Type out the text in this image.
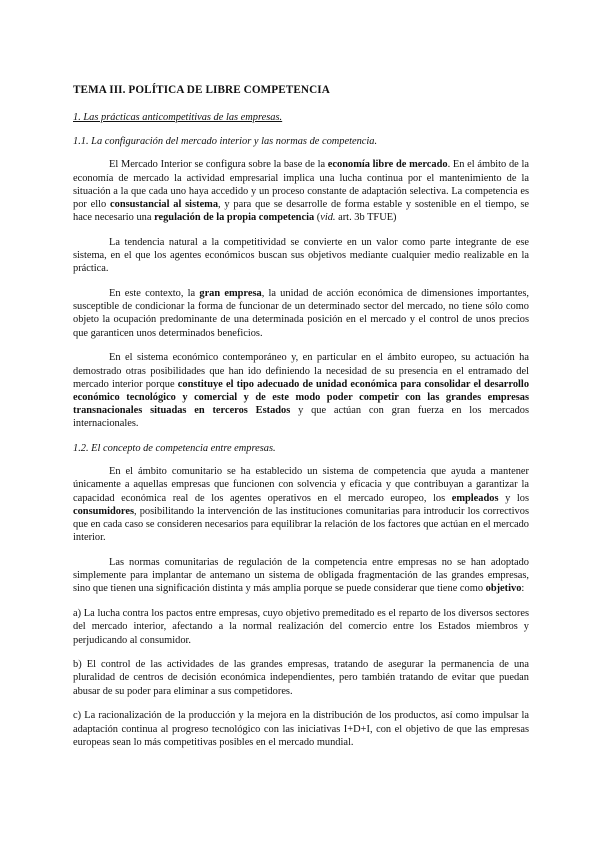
TEMA III. POLÍTICA DE LIBRE COMPETENCIA
1. Las prácticas anticompetitivas de las empresas.
1.1. La configuración del mercado interior y las normas de competencia.

El Mercado Interior se configura sobre la base de la economía libre de mercado. En el ámbito de la economía de mercado la actividad empresarial implica una lucha continua por el mantenimiento de la situación a la que cada uno haya accedido y un proceso constante de adaptación selectiva. La competencia es por ello consustancial al sistema, y para que se desarrolle de forma estable y sostenible en el tiempo, se hace necesario una regulación de la propia competencia (vid. art. 3b TFUE)

La tendencia natural a la competitividad se convierte en un valor como parte integrante de ese sistema, en el que los agentes económicos buscan sus objetivos mediante cualquier medio realizable en la práctica.

En este contexto, la gran empresa, la unidad de acción económica de dimensiones importantes, susceptible de condicionar la forma de funcionar de un determinado sector del mercado, no tiene sólo como objeto la ocupación predominante de una determinada posición en el mercado y el control de unos precios que garanticen unos determinados beneficios.

En el sistema económico contemporáneo y, en particular en el ámbito europeo, su actuación ha demostrado otras posibilidades que han ido definiendo la necesidad de su presencia en el entramado del mercado interior porque constituye el tipo adecuado de unidad económica para consolidar el desarrollo económico tecnológico y comercial y de este modo poder competir con las grandes empresas transnacionales situadas en terceros Estados y que actúan con gran fuerza en los mercados internacionales.

1.2. El concepto de competencia entre empresas.

En el ámbito comunitario se ha establecido un sistema de competencia que ayuda a mantener únicamente a aquellas empresas que funcionen con solvencia y eficacia y que contribuyan a garantizar la capacidad económica real de los agentes operativos en el mercado europeo, los empleados y los consumidores, posibilitando la intervención de las instituciones comunitarias para introducir los correctivos que en cada caso se consideren necesarios para equilibrar la relación de los factores que actúan en el mercado interior.

Las normas comunitarias de regulación de la competencia entre empresas no se han adoptado simplemente para implantar de antemano un sistema de obligada fragmentación de las grandes empresas, sino que tienen una significación distinta y más amplia porque se puede considerar que tiene como objetivo:

a) La lucha contra los pactos entre empresas, cuyo objetivo premeditado es el reparto de los diversos sectores del mercado interior, afectando a la normal realización del comercio entre los Estados miembros y perjudicando al consumidor.

b) El control de las actividades de las grandes empresas, tratando de asegurar la permanencia de una pluralidad de centros de decisión económica independientes, pero también tratando de evitar que puedan abusar de su poder para eliminar a sus competidores.

c) La racionalización de la producción y la mejora en la distribución de los productos, así como impulsar la adaptación continua al progreso tecnológico con las iniciativas I+D+I, con el objetivo de que las empresas europeas sean lo más competitivas posibles en el mercado mundial.
